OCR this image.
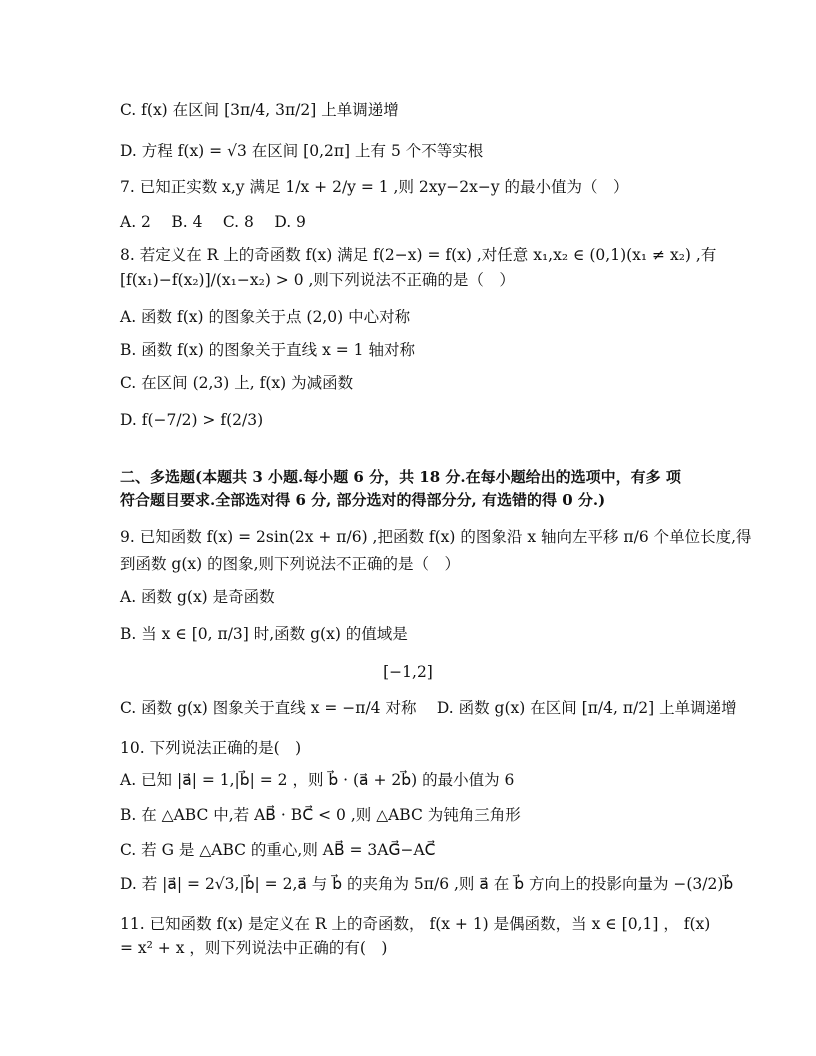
C. f(x) 在区间 [3π/4, 3π/2] 上单调递增
D. 方程 f(x) = √3 在区间 [0,2π] 上有 5 个不等实根
7. 已知正实数 x,y 满足 1/x + 2/y = 1 ,则 2xy−2x−y 的最小值为（　）
A. 2　 B. 4　 C. 8　 D. 9
8. 若定义在 R 上的奇函数 f(x) 满足 f(2−x) = f(x) ,对任意 x₁,x₂ ∈ (0,1)(x₁ ≠ x₂) ,有
[f(x₁)−f(x₂)]/(x₁−x₂) > 0 ,则下列说法不正确的是（　）
A. 函数 f(x) 的图象关于点 (2,0) 中心对称
B. 函数 f(x) 的图象关于直线 x = 1 轴对称
C. 在区间 (2,3) 上, f(x) 为减函数
D. f(−7/2) > f(2/3)
二、多选题(本题共 3 小题.每小题 6 分，共 18 分.在每小题给出的选项中，有多 项
符合题目要求.全部选对得 6 分, 部分选对的得部分分, 有选错的得 0 分.)
9. 已知函数 f(x) = 2sin(2x + π/6) ,把函数 f(x) 的图象沿 x 轴向左平移 π/6 个单位长度,得
到函数 g(x) 的图象,则下列说法不正确的是（　）
A. 函数 g(x) 是奇函数
B. 当 x ∈ [0, π/3] 时,函数 g(x) 的值域是
[−1,2]
C. 函数 g(x) 图象关于直线 x = −π/4 对称　 D. 函数 g(x) 在区间 [π/4, π/2] 上单调递增
10. 下列说法正确的是(　)
A. 已知 |a⃗| = 1,|b⃗| = 2 ，则 b⃗ · (a⃗ + 2b⃗) 的最小值为 6
B. 在 △ABC 中,若 AB⃗ · BC⃗ < 0 ,则 △ABC 为钝角三角形
C. 若 G 是 △ABC 的重心,则 AB⃗ = 3AG⃗−AC⃗
D. 若 |a⃗| = 2√3,|b⃗| = 2,a⃗ 与 b⃗ 的夹角为 5π/6 ,则 a⃗ 在 b⃗ 方向上的投影向量为 −(3/2)b⃗
11. 已知函数 f(x) 是定义在 R 上的奇函数， f(x + 1) 是偶函数，当 x ∈ [0,1] ， f(x)
= x² + x ，则下列说法中正确的有(　)
